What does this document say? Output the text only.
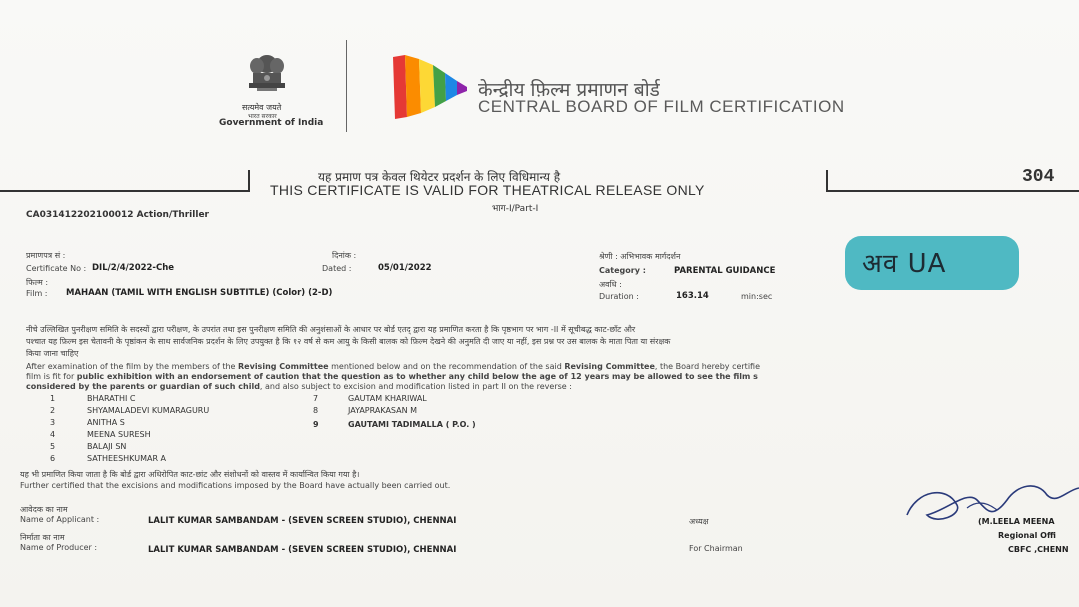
सत्यमेव जयते
भारत सरकार
Government of India
केन्द्रीय फ़िल्म प्रमाणन बोर्ड
CENTRAL BOARD OF FILM CERTIFICATION
यह प्रमाण पत्र केवल थियेटर प्रदर्शन के लिए विधिमान्य है
THIS CERTIFICATE IS VALID FOR THEATRICAL RELEASE ONLY
भाग-I/Part-I
304
CA031412202100012 Action/Thriller
प्रमाणपत्र सं :
Certificate No : DIL/2/4/2022-Che
दिनांक :
Dated :	05/01/2022
फिल्म :
Film : MAHAAN (TAMIL WITH ENGLISH SUBTITLE) (Color) (2-D)
श्रेणी : अभिभावक मार्गदर्शन
Category :	PARENTAL GUIDANCE
अवधि :
Duration :	163.14	min:sec
अव UA
नीचे उल्लिखित पुनरीक्षण समिति के सदस्यों द्वारा परीक्षण, के उपरांत तथा इस पुनरीक्षण समिति की अनुशंसाओं के आधार पर बोर्ड एतद् द्वारा यह प्रमाणित करता है कि पृष्ठभाग पर भाग -II में सूचीबद्ध काट-छाँट और
पश्चात यह फ़िल्म इस चेतावनी के पृष्ठांकन के साथ सार्वजनिक प्रदर्शन के लिए उपयुक्त है कि १२ वर्ष से कम आयु के किसी बालक को फ़िल्म देखने की अनुमति दी जाए या नहीं, इस प्रश्न पर उस बालक के माता पिता या संरक्षक
किया जाना चाहिए
After examination of the film by the members of the Revising Committee mentioned below and on the recommendation of the said Revising Committee, the Board hereby certifie
film is fit for public exhibition with an endorsement of caution that the question as to whether any child below the age of 12 years may be allowed to see the film s
considered by the parents or guardian of such child, and also subject to excision and modification listed in part II on the reverse :
1	BHARATHI C
2	SHYAMALADEVI KUMARAGURU
3	ANITHA S
4	MEENA SURESH
5	BALAJI SN
6	SATHEESHKUMAR A
7	GAUTAM KHARIWAL
8	JAYAPRAKASAN M
9	GAUTAMI TADIMALLA ( P.O. )
यह भी प्रमाणित किया जाता है कि बोर्ड द्वारा अधिरोपित काट-छांट और संशोधनों को वास्तव में कार्यान्वित किया गया है।
Further certified that the excisions and modifications imposed by the Board have actually been carried out.
आवेदक का नाम
Name of Applicant :	LALIT KUMAR SAMBANDAM - (SEVEN SCREEN STUDIO), CHENNAI	अध्यक्ष
निर्माता का नाम
Name of Producer :	LALIT KUMAR SAMBANDAM - (SEVEN SCREEN STUDIO), CHENNAI	For Chairman
(M.LEELA MEENA
Regional Offi
CBFC ,CHENN
